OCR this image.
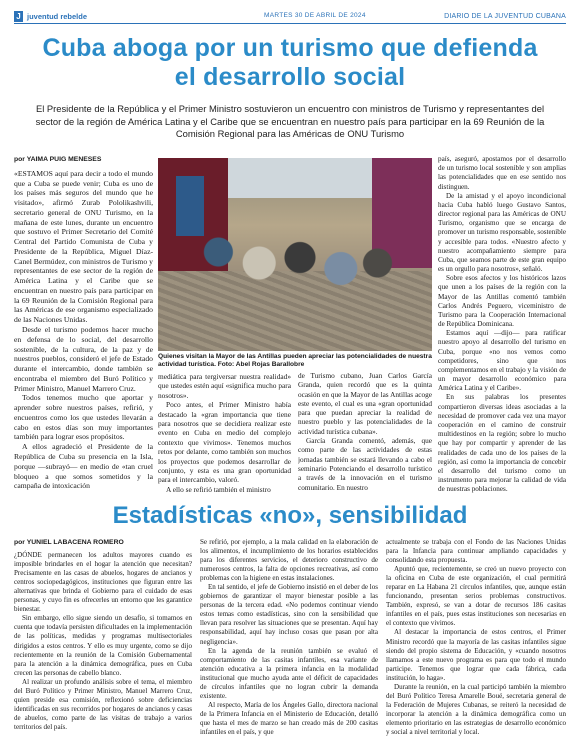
J juventud rebelde	MARTES 30 DE ABRIL DE 2024	DIARIO DE LA JUVENTUD CUBANA
Cuba aboga por un turismo que defienda el desarrollo social
El Presidente de la República y el Primer Ministro sostuvieron un encuentro con ministros de Turismo y representantes del sector de la región de América Latina y el Caribe que se encuentran en nuestro país para participar en la 69 Reunión de la Comisión Regional para las Américas de ONU Turismo

por YAIMA PUIG MENESES

«ESTAMOS aquí para decir a todo el mundo que a Cuba se puede venir; Cuba es uno de los países más seguros del mundo que he visitado», afirmó Zurab Pololikashvili, secretario general de ONU Turismo, en la mañana de este lunes, durante un encuentro que sostuvo el Primer Secretario del Comité Central del Partido Comunista de Cuba y Presidente de la República, Miguel Díaz-Canel Bermúdez, con ministros de Turismo y representantes de ese sector de la región de América Latina y el Caribe que se encuentran en nuestro país para participar en la 69 Reunión de la Comisión Regional para las Américas de ese organismo especializado de las Naciones Unidas.

Desde el turismo podemos hacer mucho en defensa de lo social, del desarrollo sostenible, de la cultura, de la paz y de nuestros pueblos, consideró el jefe de Estado durante el intercambio, donde también se encontraba el miembro del Buró Político y Primer Ministro, Manuel Marrero Cruz.

Todos tenemos mucho que aportar y aprender sobre nuestros países, refirió, y encuentros como los que ustedes llevarán a cabo en estos días son muy importantes también para lograr esos propósitos.

A ellos agradeció el Presidente de la República de Cuba su presencia en la Isla, porque —subrayó— en medio de «tan cruel bloqueo a que somos sometidos y la campaña de intoxicación

Quienes visitan la Mayor de las Antillas pueden apreciar las potencialidades de nuestra actividad turística. Foto: Abel Rojas Barallobre

mediática para tergiversar nuestra realidad» que ustedes estén aquí «significa mucho para nosotros».

Poco antes, el Primer Ministro había destacado la «gran importancia que tiene para nosotros que se decidiera realizar este evento en Cuba en medio del complejo contexto que vivimos». Tenemos muchos retos por delante, como también son muchos los proyectos que podemos desarrollar de conjunto, y esta es una gran oportunidad para el intercambio, valoró.

A ello se refirió también el ministro

de Turismo cubano, Juan Carlos García Granda, quien recordó que es la quinta ocasión en que la Mayor de las Antillas acoge este evento, el cual es una «gran oportunidad para que puedan apreciar la realidad de nuestro pueblo y las potencialidades de la actividad turística cubana».

García Granda comentó, además, que como parte de las actividades de estas jornadas también se estará llevando a cabo el seminario Potenciando el desarrollo turístico a través de la innovación en el turismo comunitario. En nuestro

país, aseguró, apostamos por el desarrollo de un turismo local sostenible y son amplias las potencialidades que en ese sentido nos distinguen.

De la amistad y el apoyo incondicional hacia Cuba habló luego Gustavo Santos, director regional para las Américas de ONU Turismo, organismo que se encarga de promover un turismo responsable, sostenible y accesible para todos. «Nuestro afecto y nuestro acompañamiento siempre para Cuba, que seamos parte de este gran equipo es un orgullo para nosotros», señaló.

Sobre esos afectos y los históricos lazos que unen a los países de la región con la Mayor de las Antillas comentó también Carlos Andrés Peguero, viceministro de Turismo para la Cooperación Internacional de República Dominicana.

Estamos aquí —dijo— para ratificar nuestro apoyo al desarrollo del turismo en Cuba, porque «no nos vemos como competidores, sino que nos complementamos en el trabajo y la visión de un mayor desarrollo económico para América Latina y el Caribe».

En sus palabras los presentes compartieron diversas ideas asociadas a la necesidad de promover cada vez una mayor cooperación en el camino de construir multidestinos en la región; sobre lo mucho que hay por compartir y aprender de las realidades de cada uno de los países de la región, así como la importancia de concebir el desarrollo del turismo como un instrumento para mejorar la calidad de vida de nuestras poblaciones.

Estadísticas «no», sensibilidad

por YUNIEL LABACENA ROMERO

¿DÓNDE permanecen los adultos mayores cuando es imposible brindarles en el hogar la atención que necesitan? Precisamente en las casas de abuelos, hogares de ancianos y centros sociopedagógicos, instituciones que figuran entre las alternativas que brinda el Gobierno para el cuidado de esas personas, y cuyo fin es ofrecerles un entorno que les garantice bienestar.

Sin embargo, ello sigue siendo un desafío, si tomamos en cuenta que todavía persisten dificultades en la implementación de las políticas, medidas y programas multisectoriales dirigidos a estos centros. Y ello es muy urgente, como se dijo recientemente en la reunión de la Comisión Gubernamental para la atención a la dinámica demográfica, pues en Cuba crecen las personas de cabello blanco.

Al realizar un profundo análisis sobre el tema, el miembro del Buró Político y Primer Ministro, Manuel Marrero Cruz, quien preside esa comisión, reflexionó sobre deficiencias identificadas en sus recorridos por hogares de ancianos y casas de abuelos, como parte de las visitas de trabajo a varios territorios del país.

Se refirió, por ejemplo, a la mala calidad en la elaboración de los alimentos, el incumplimiento de los horarios establecidos para los diferentes servicios, el deterioro constructivo de numerosos centros, la falta de opciones recreativas, así como problemas con la higiene en estas instalaciones.

En tal sentido, el jefe de Gobierno insistió en el deber de los gobiernos de garantizar el mayor bienestar posible a las personas de la tercera edad. «No podemos continuar viendo estos temas como estadísticas, sino con la sensibilidad que llevan para resolver las situaciones que se presentan. Aquí hay responsabilidad, aquí hay incluso cosas que pasan por alta negligencia».

En la agenda de la reunión también se evaluó el comportamiento de las casitas infantiles, esa variante de atención educativa a la primera infancia en la modalidad institucional que mucho ayuda ante el déficit de capacidades de círculos infantiles que no logran cubrir la demanda existente.

Al respecto, María de los Ángeles Gallo, directora nacional de la Primera Infancia en el Ministerio de Educación, detalló que hasta el mes de marzo se han creado más de 200 casitas infantiles en el país, y que

actualmente se trabaja con el Fondo de las Naciones Unidas para la Infancia para continuar ampliando capacidades y consolidando esta propuesta.

Apuntó que, recientemente, se creó un nuevo proyecto con la oficina en Cuba de este organización, el cual permitirá reparar en La Habana 21 círculos infantiles, que, aunque están funcionando, presentan serios problemas constructivos. También, expresó, se van a dotar de recursos 186 casitas infantiles en el país, pues estas instituciones son necesarias en el contexto que vivimos.

Al destacar la importancia de estos centros, el Primer Ministro recordó que la mayoría de las casitas infantiles sigue siendo del propio sistema de Educación, y «cuando nosotros llamamos a este nuevo programa es para que todo el mundo participe. Tenemos que lograr que cada fábrica, cada institución, lo haga».

Durante la reunión, en la cual participó también la miembro del Buró Político Teresa Amarelle Boué, secretaria general de la Federación de Mujeres Cubanas, se reiteró la necesidad de incorporar la atención a la dinámica demográfica como un elemento prioritario en las estrategias de desarrollo económico y social a nivel territorial y local.
